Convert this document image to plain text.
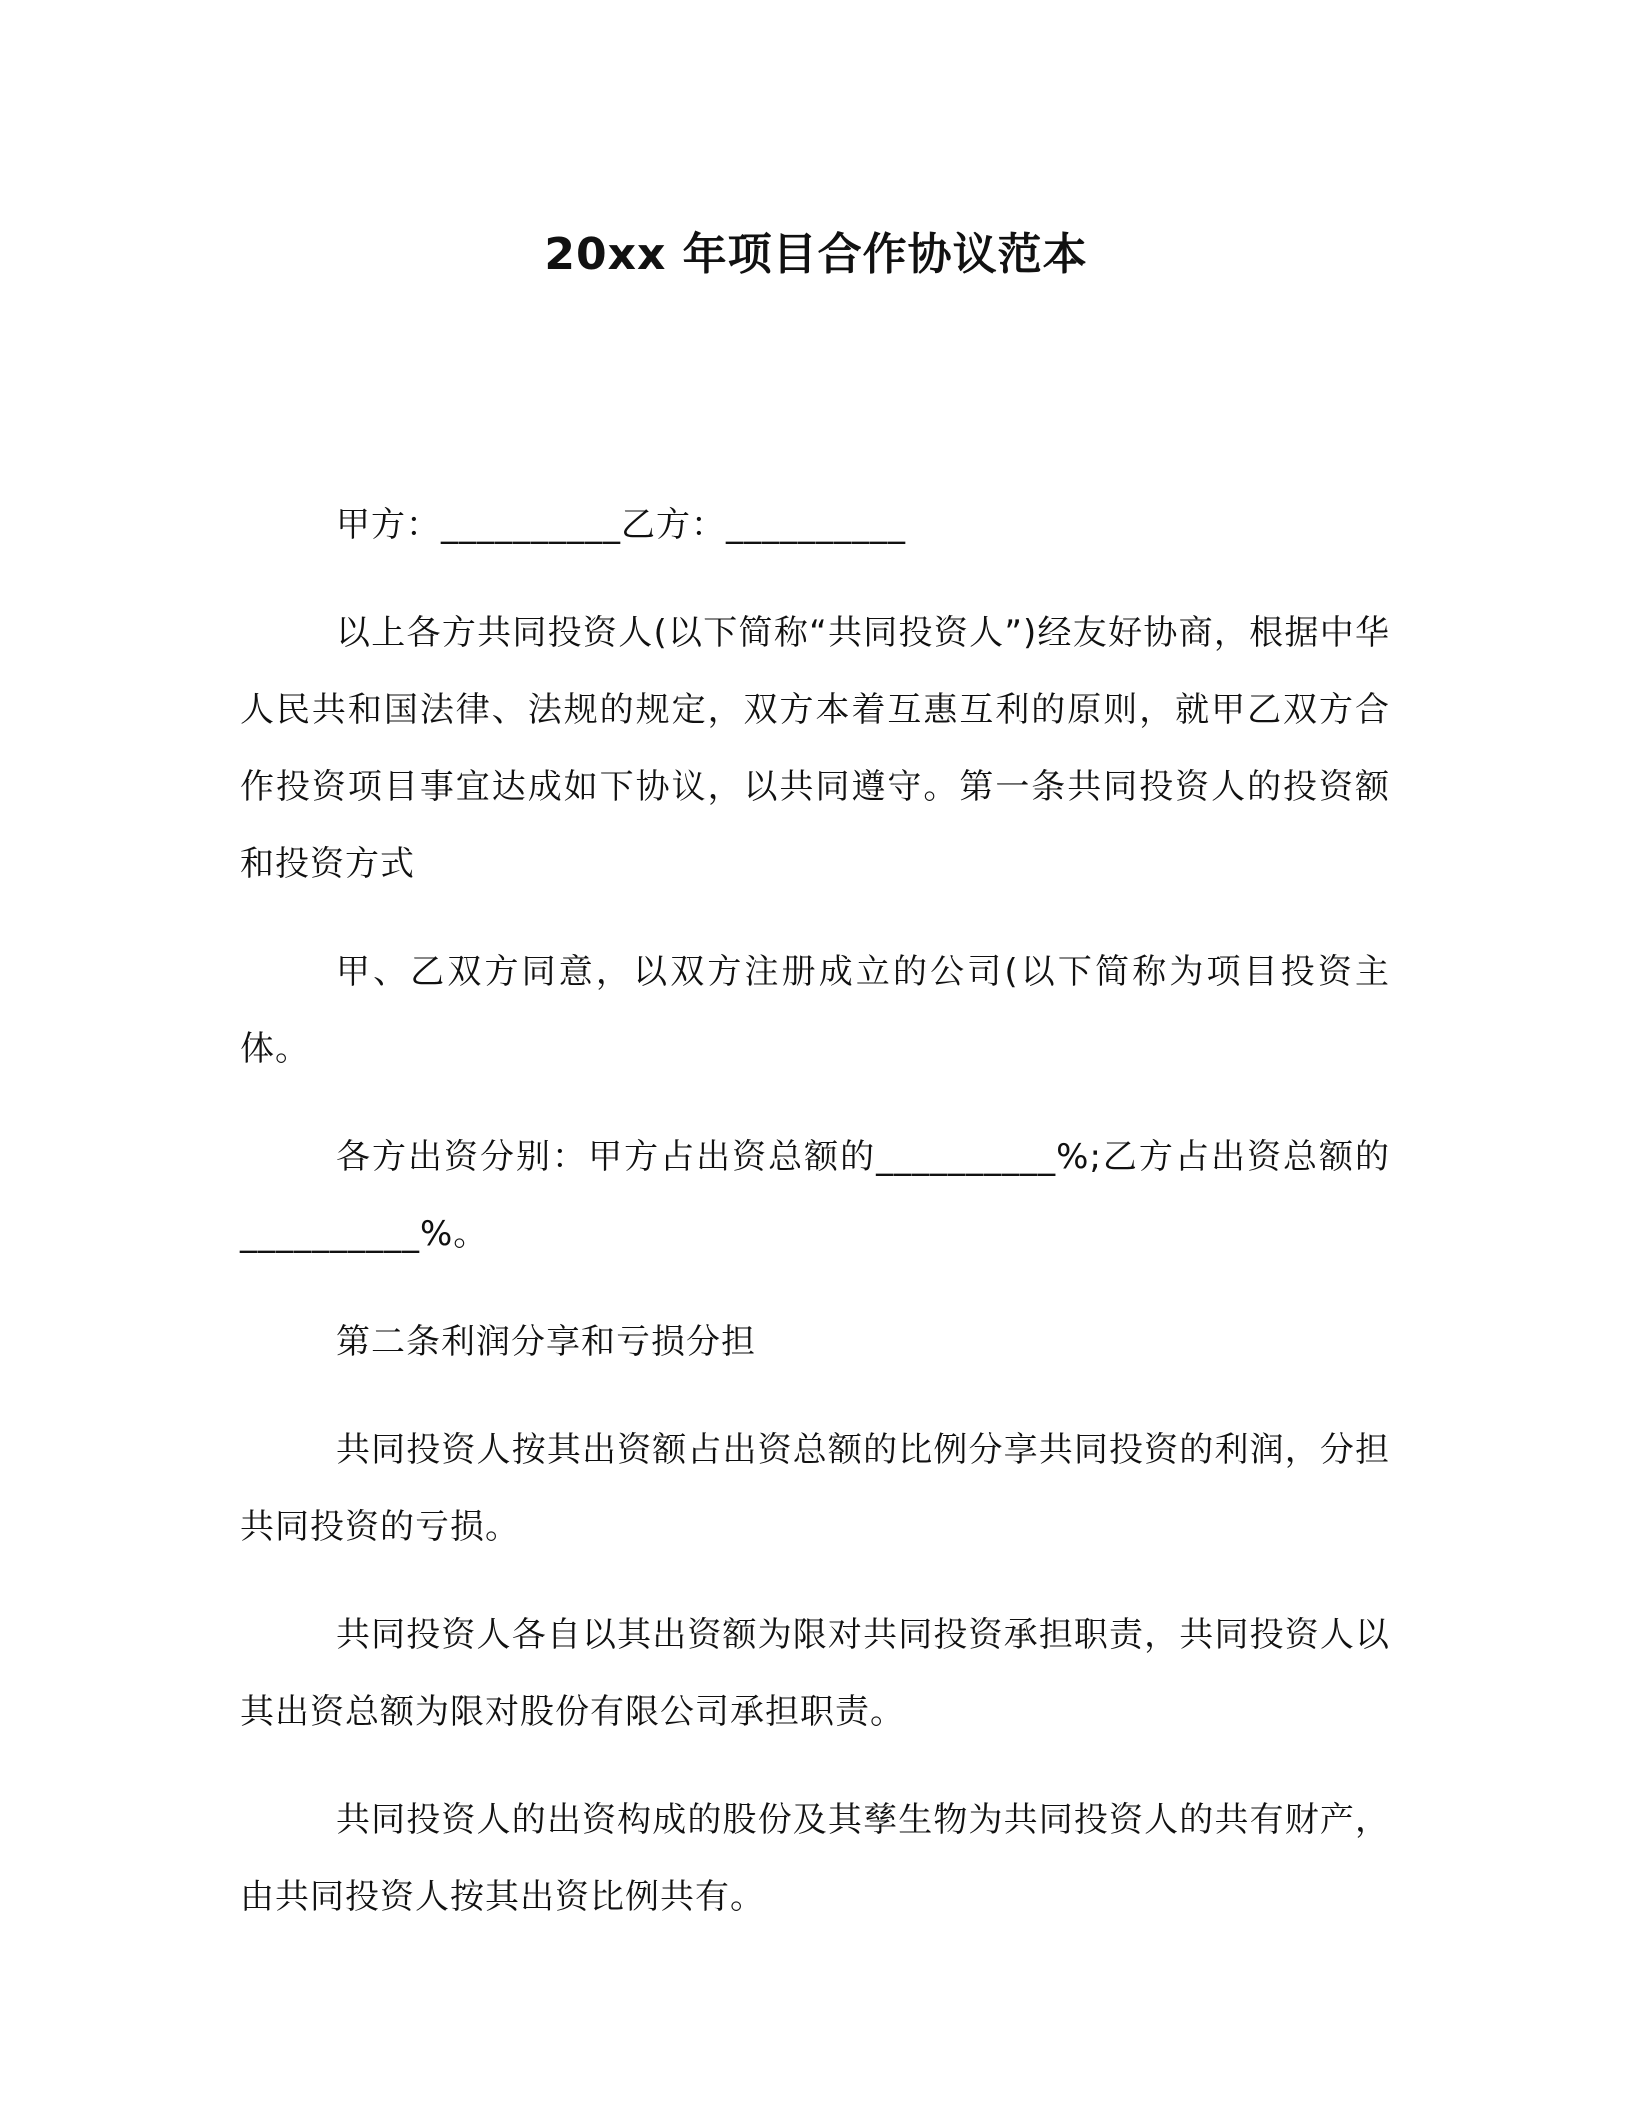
20xx 年项目合作协议范本

甲方：__________乙方：__________

以上各方共同投资人(以下简称“共同投资人”)经友好协商，根据中华人民共和国法律、法规的规定，双方本着互惠互利的原则，就甲乙双方合作投资项目事宜达成如下协议，以共同遵守。第一条共同投资人的投资额和投资方式

甲、乙双方同意，以双方注册成立的公司(以下简称为项目投资主体。

各方出资分别：甲方占出资总额的__________%;乙方占出资总额的__________%。

第二条利润分享和亏损分担

共同投资人按其出资额占出资总额的比例分享共同投资的利润，分担共同投资的亏损。

共同投资人各自以其出资额为限对共同投资承担职责，共同投资人以其出资总额为限对股份有限公司承担职责。

共同投资人的出资构成的股份及其孳生物为共同投资人的共有财产，由共同投资人按其出资比例共有。
